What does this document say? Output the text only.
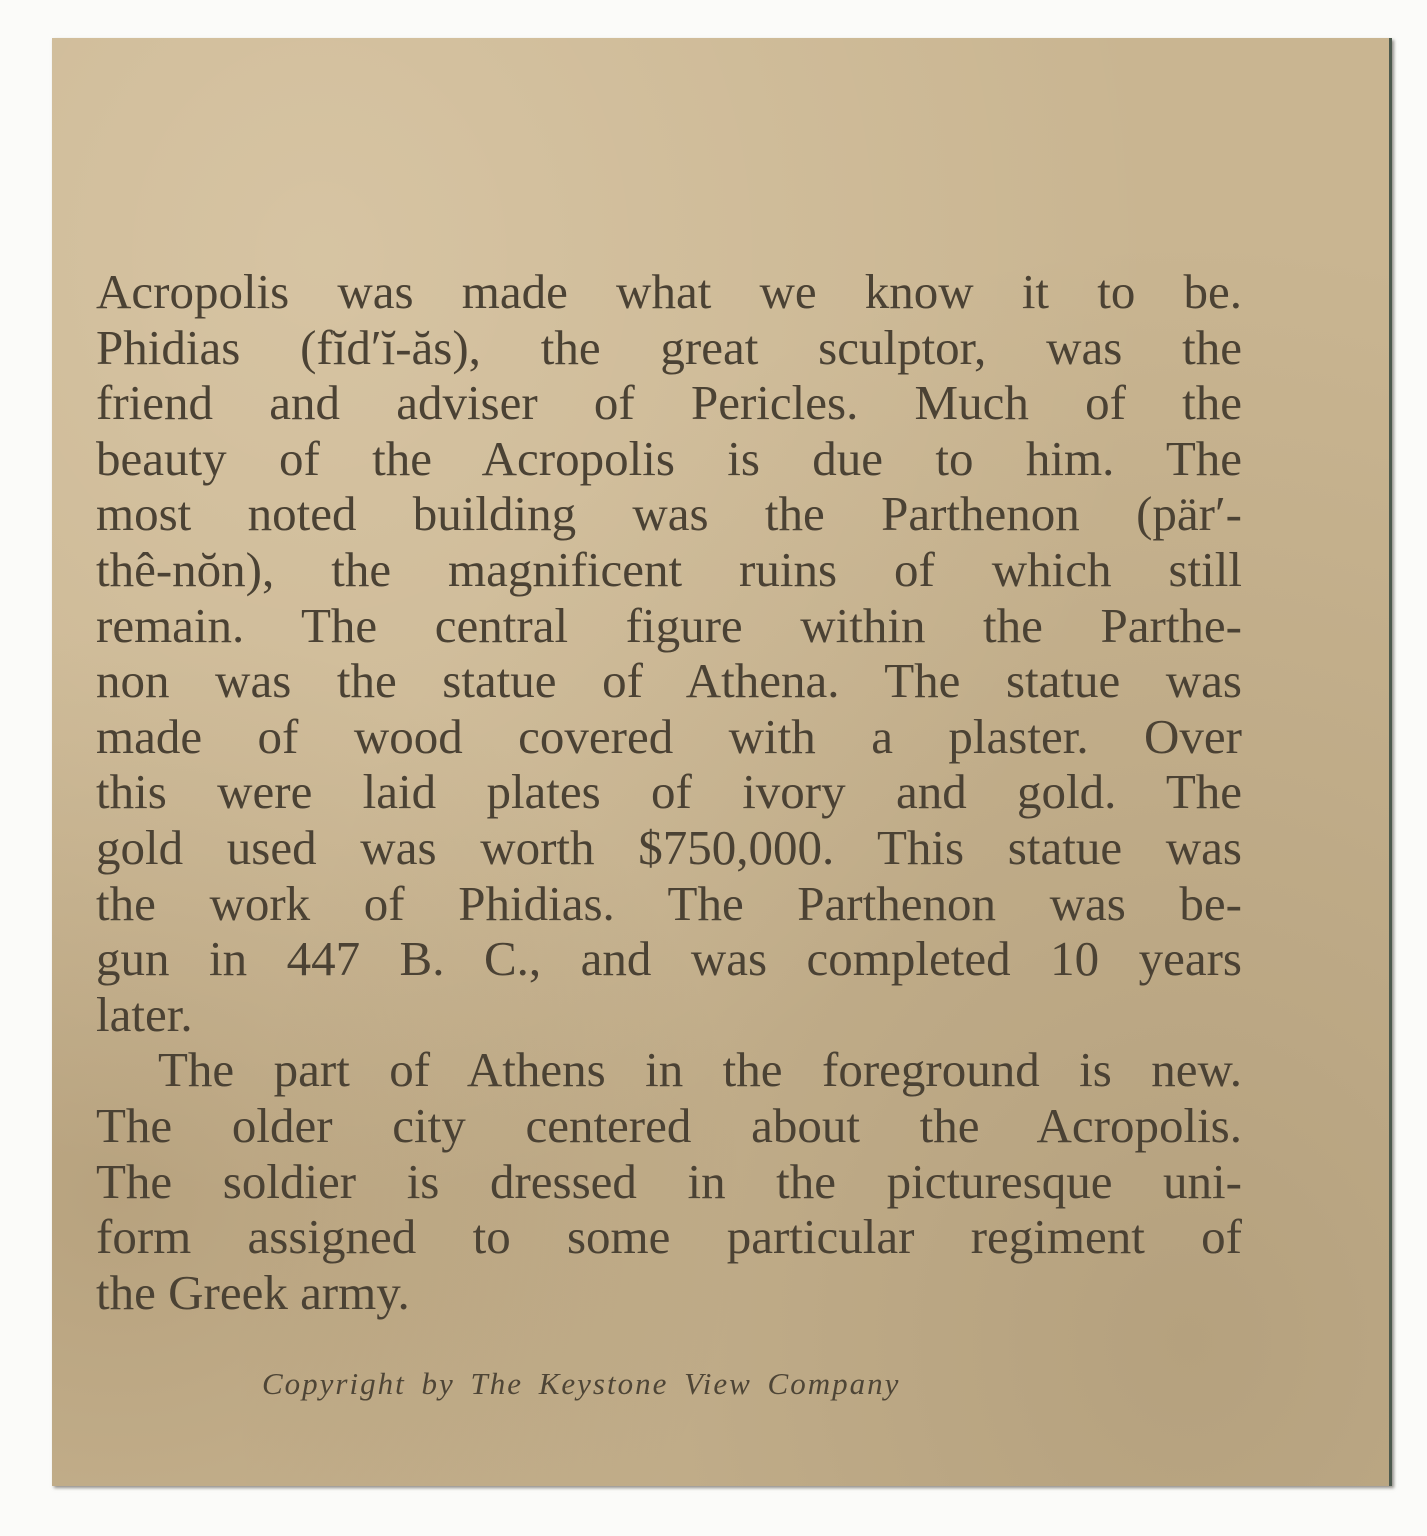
Acropolis was made what we know it to be.
Phidias (fĭd′ĭ-ăs), the great sculptor, was the
friend and adviser of Pericles. Much of the
beauty of the Acropolis is due to him. The
most noted building was the Parthenon (pär′-
thê-nŏn), the magnificent ruins of which still
remain. The central figure within the Parthe-
non was the statue of Athena. The statue was
made of wood covered with a plaster. Over
this were laid plates of ivory and gold. The
gold used was worth $750,000. This statue was
the work of Phidias. The Parthenon was be-
gun in 447 B. C., and was completed 10 years
later.
The part of Athens in the foreground is new.
The older city centered about the Acropolis.
The soldier is dressed in the picturesque uni-
form assigned to some particular regiment of
the Greek army.
Copyright by The Keystone View Company
